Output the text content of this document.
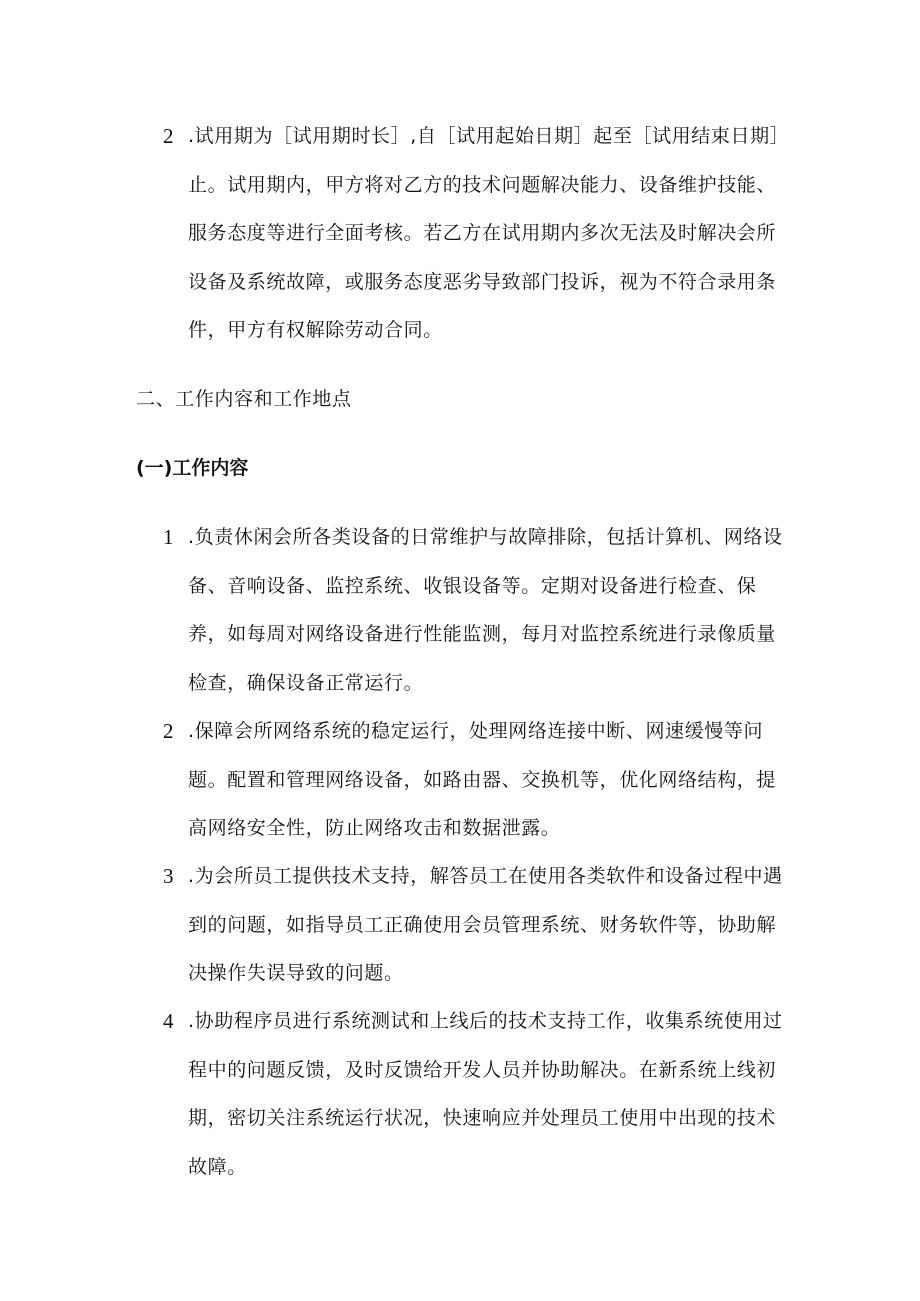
2 .试用期为［试用期时长］,自［试用起始日期］起至［试用结束日期］止。试用期内，甲方将对乙方的技术问题解决能力、设备维护技能、服务态度等进行全面考核。若乙方在试用期内多次无法及时解决会所设备及系统故障，或服务态度恶劣导致部门投诉，视为不符合录用条件，甲方有权解除劳动合同。
二、工作内容和工作地点
(一)工作内容
1 .负责休闲会所各类设备的日常维护与故障排除，包括计算机、网络设备、音响设备、监控系统、收银设备等。定期对设备进行检查、保养，如每周对网络设备进行性能监测，每月对监控系统进行录像质量检查，确保设备正常运行。
2 .保障会所网络系统的稳定运行，处理网络连接中断、网速缓慢等问题。配置和管理网络设备，如路由器、交换机等，优化网络结构，提高网络安全性，防止网络攻击和数据泄露。
3 .为会所员工提供技术支持，解答员工在使用各类软件和设备过程中遇到的问题，如指导员工正确使用会员管理系统、财务软件等，协助解决操作失误导致的问题。
4 .协助程序员进行系统测试和上线后的技术支持工作，收集系统使用过程中的问题反馈，及时反馈给开发人员并协助解决。在新系统上线初期，密切关注系统运行状况，快速响应并处理员工使用中出现的技术故障。
